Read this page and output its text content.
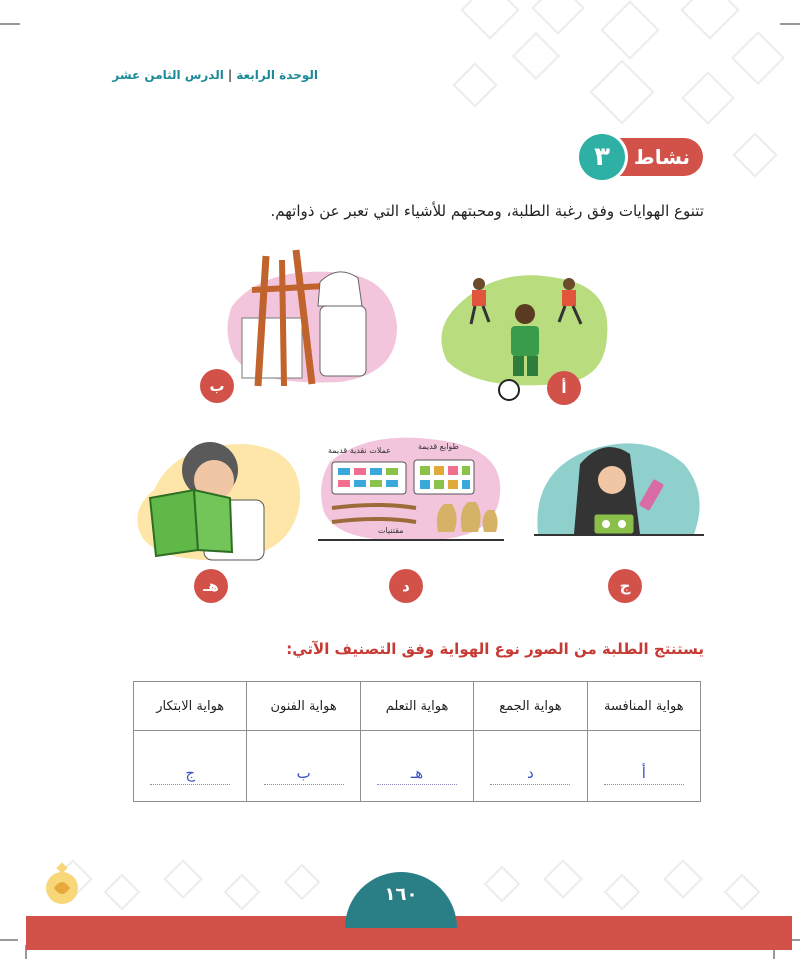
الوحدة الرابعة|الدرس الثامن عشر
نشاط
٣
تتنوع الهوايات وفق رغبة الطلبة، ومحبتهم للأشياء التي تعبر عن ذواتهم.
أ
ب
ج
عملات نقدية قديمة	طوابع قديمة
مقتنيات
د
هـ
يستنتج الطلبة من الصور نوع الهواية وفق التصنيف الآتي:
هواية المنافسة	هواية الجمع	هواية التعلم	هواية الفنون	هواية الابتكار
أ	د	هـ	ب	ج
١٦٠
